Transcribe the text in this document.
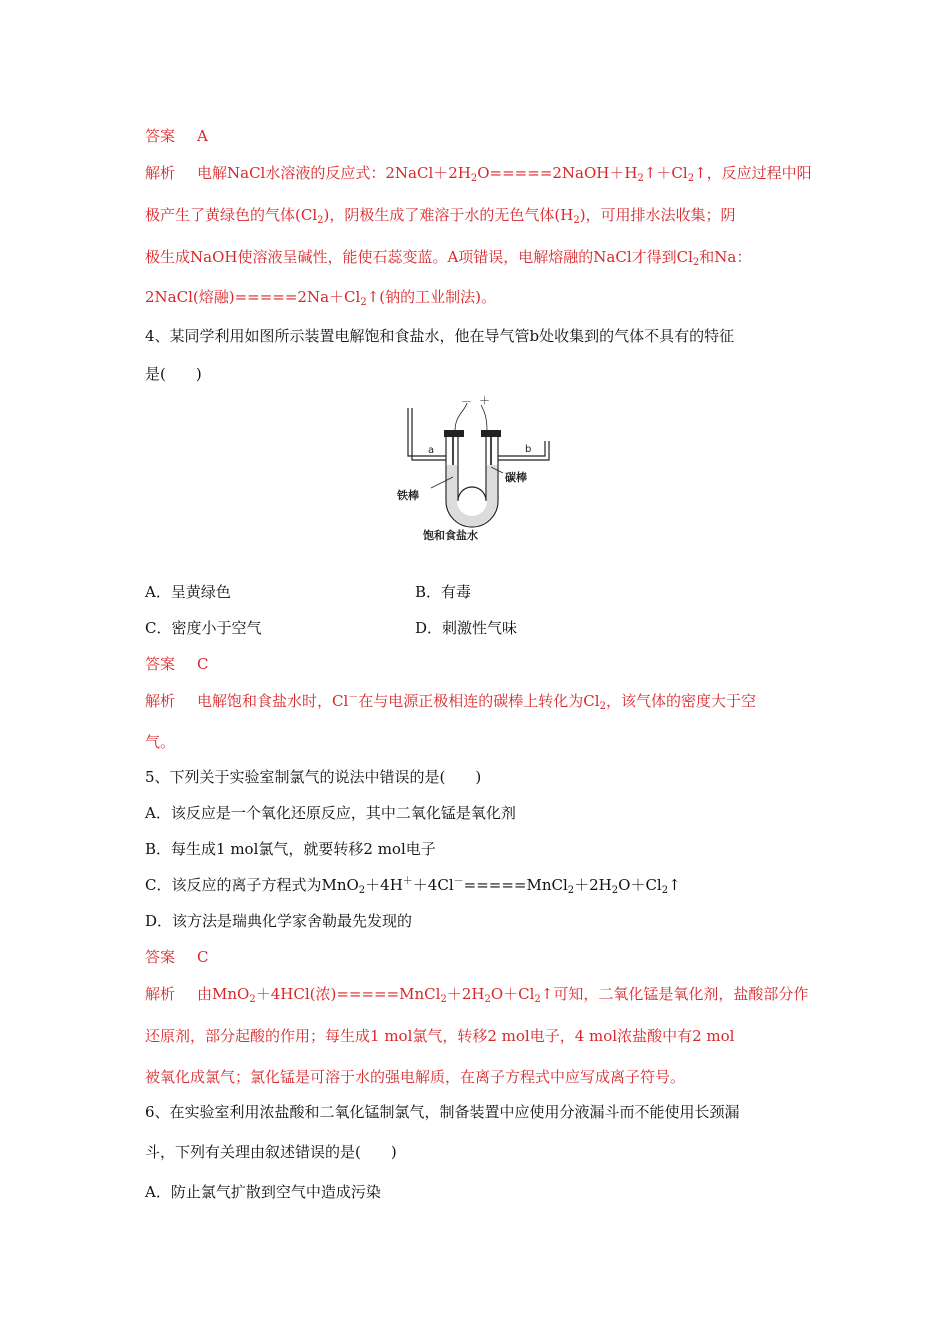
答案 A
解析 电解NaCl水溶液的反应式：$2NaCl+2H_2O=====2NaOH+H_2↑+Cl_2↑$，反应过程中阳
极产生了黄绿色的气体$(Cl_2)$，阴极生成了难溶于水的无色气体$(H_2)$，可用排水法收集；阴
极生成NaOH使溶液呈碱性，能使石蕊变蓝。A项错误，电解熔融的NaCl才得到$Cl_2$和Na：
2NaCl(熔融)$=====2Na+Cl_2↑$(钠的工业制法)。
4、某同学利用如图所示装置电解饱和食盐水，他在导气管b处收集到的气体不具有的特征
是(　　)
－ ＋
a	b
铁棒
碳棒
饱和食盐水
A．呈黄绿色	B．有毒
C．密度小于空气	D．刺激性气味
答案 C
解析 电解饱和食盐水时，Cl－在与电源正极相连的碳棒上转化为$Cl_2$，该气体的密度大于空
气。
5、下列关于实验室制氯气的说法中错误的是(　　)
A．该反应是一个氧化还原反应，其中二氧化锰是氧化剂
B．每生成1 mol氯气，就要转移2 mol电子
C．该反应的离子方程式为$MnO_2+4H^++4Cl^-=====MnCl_2+2H_2O+Cl_2↑$
D．该方法是瑞典化学家舍勒最先发现的
答案 C
解析 由MnO$_2$＋4HCl(浓)$=====MnCl_2+2H_2O+Cl_2↑$可知，二氧化锰是氧化剂，盐酸部分作
还原剂，部分起酸的作用；每生成1 mol氯气，转移2 mol电子，4 mol浓盐酸中有2 mol
被氧化成氯气；氯化锰是可溶于水的强电解质，在离子方程式中应写成离子符号。
6、在实验室利用浓盐酸和二氧化锰制氯气，制备装置中应使用分液漏斗而不能使用长颈漏
斗，下列有关理由叙述错误的是(　　)
A．防止氯气扩散到空气中造成污染
